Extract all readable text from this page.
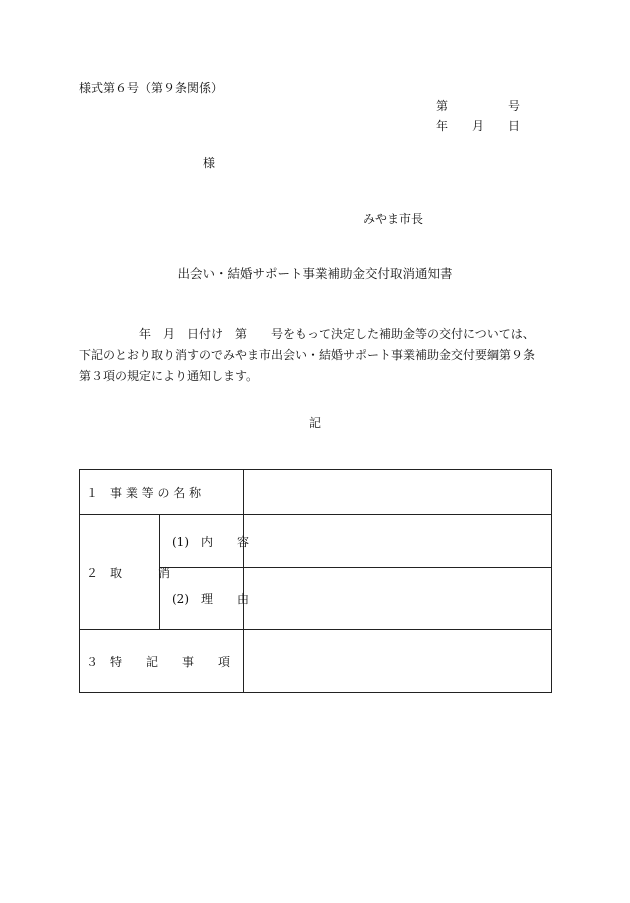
様式第６号（第９条関係）
第　　　　　号
年　　月　　日
様
みやま市長
出会い・結婚サポート事業補助金交付取消通知書
　　　　　年　月　日付け　第　　号をもって決定した補助金等の交付については、
下記のとおり取り消すのでみやま市出会い・結婚サポート事業補助金交付要綱第９条
第３項の規定により通知します。
記
１　事 業 等 の 名 称		
２　取　　　消	(1)　内　　容	
	(2)　理　　由	
３　特　　記　　事　　項		
